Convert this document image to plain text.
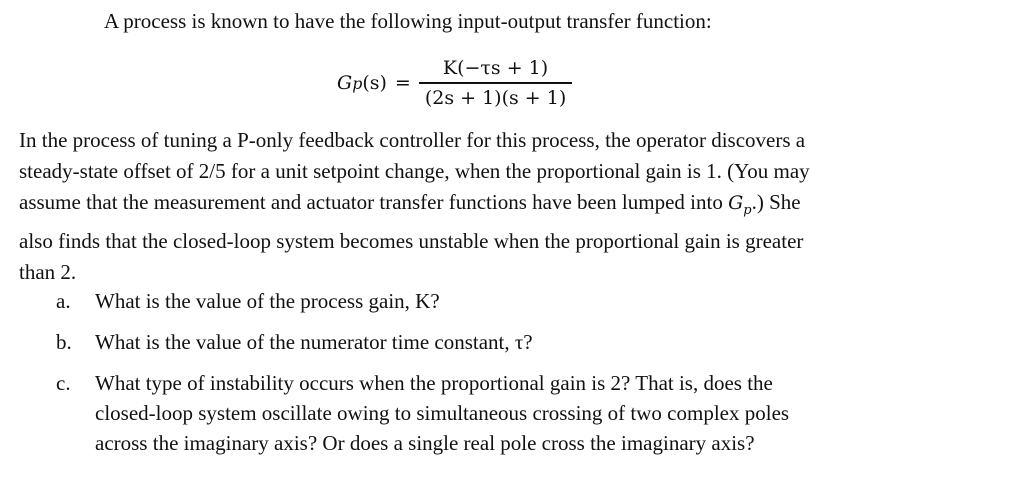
A process is known to have the following input-output transfer function:
G p $(s) = \frac{K(-\tau s + 1)}{(2s + 1)(s + 1)}$
In the process of tuning a P-only feedback controller for this process, the operator discovers a
steady-state offset of 2/5 for a unit setpoint change, when the proportional gain is 1. (You may
assume that the measurement and actuator transfer functions have been lumped into $G_p$.) She
also finds that the closed-loop system becomes unstable when the proportional gain is greater
than 2.
a.	What is the value of the process gain, K?
b.	What is the value of the numerator time constant, τ?
c.	What type of instability occurs when the proportional gain is 2? That is, does the
closed-loop system oscillate owing to simultaneous crossing of two complex poles
across the imaginary axis? Or does a single real pole cross the imaginary axis?
